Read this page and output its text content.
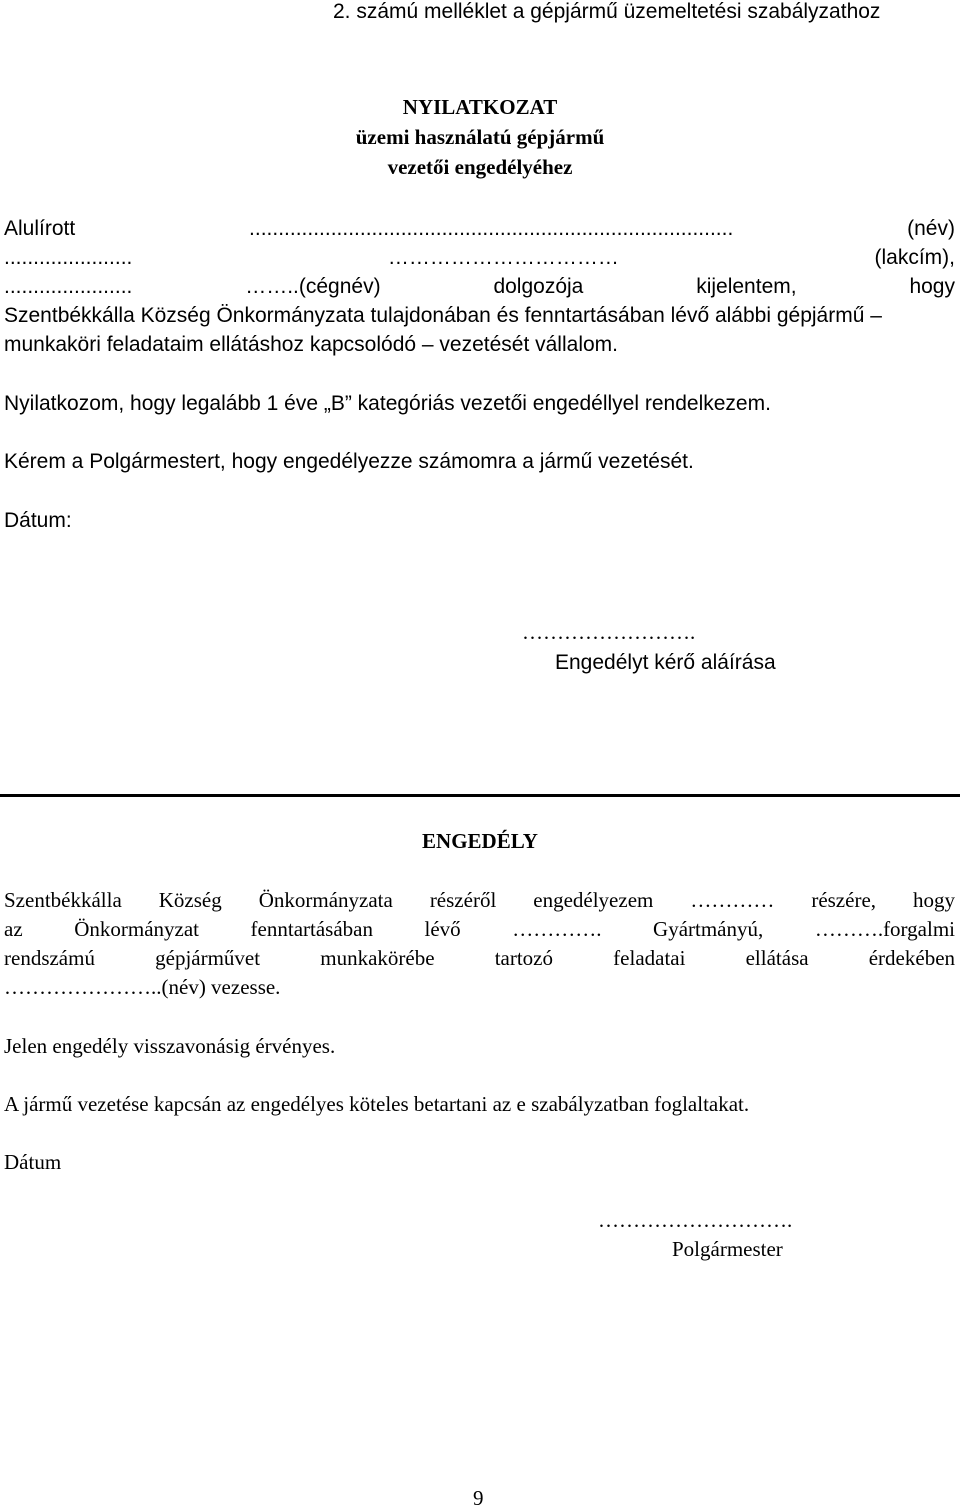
2. számú melléklet a gépjármű üzemeltetési szabályzathoz
NYILATKOZAT
üzemi használatú gépjármű
vezetői engedélyéhez
Alulírott	...................................................................................	(név)
......................	……………………………	(lakcím),
...................... ……..(cégnév)	dolgozója	kijelentem,	hogy
Szentbékkálla Község Önkormányzata tulajdonában és fenntartásában lévő alábbi gépjármű –
munkaköri feladataim ellátáshoz kapcsolódó – vezetését vállalom.
Nyilatkozom, hogy legalább 1 éve „B” kategóriás vezetői engedéllyel rendelkezem.
Kérem a Polgármestert, hogy engedélyezze számomra a jármű vezetését.
Dátum:
…………………….
Engedélyt kérő aláírása
ENGEDÉLY
Szentbékkálla Község Önkormányzata részéről engedélyezem ………… részére, hogy
az Önkormányzat fenntartásában lévő …………. Gyártmányú, ……….forgalmi
rendszámú	gépjárművet	munkakörébe	tartozó	feladatai	ellátása	érdekében
…………………..(név) vezesse.
Jelen engedély visszavonásig érvényes.
A jármű vezetése kapcsán az engedélyes köteles betartani az e szabályzatban foglaltakat.
Dátum
……………………….
Polgármester
9
